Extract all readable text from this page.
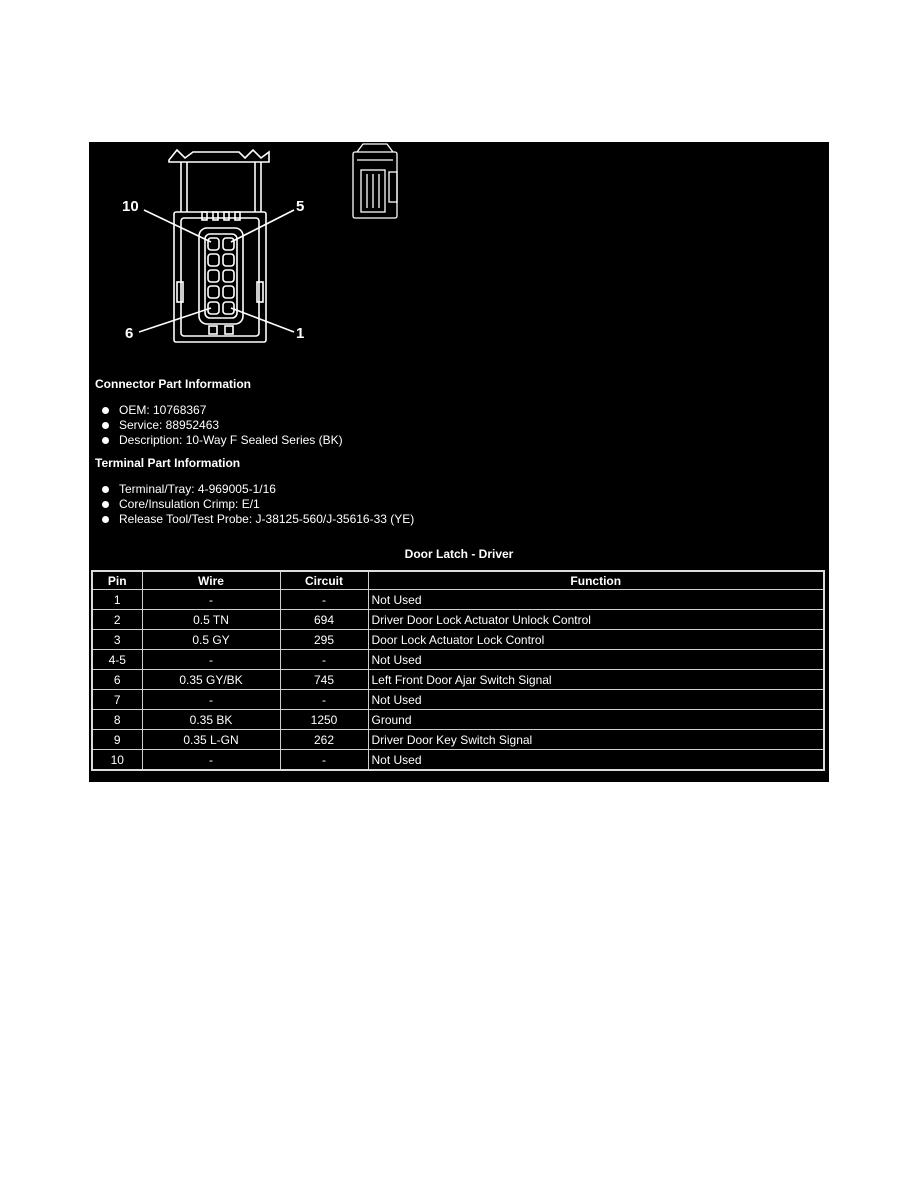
10	5
6	1
Connector Part Information
OEM: 10768367
Service: 88952463
Description: 10-Way F Sealed Series (BK)
Terminal Part Information
Terminal/Tray: 4-969005-1/16
Core/Insulation Crimp: E/1
Release Tool/Test Probe: J-38125-560/J-35616-33 (YE)
Door Latch - Driver
Pin	Wire	Circuit	Function
1	-	-	Not Used
2	0.5 TN	694	Driver Door Lock Actuator Unlock Control
3	0.5 GY	295	Door Lock Actuator Lock Control
4-5	-	-	Not Used
6	0.35 GY/BK	745	Left Front Door Ajar Switch Signal
7	-	-	Not Used
8	0.35 BK	1250	Ground
9	0.35 L-GN	262	Driver Door Key Switch Signal
10	-	-	Not Used
